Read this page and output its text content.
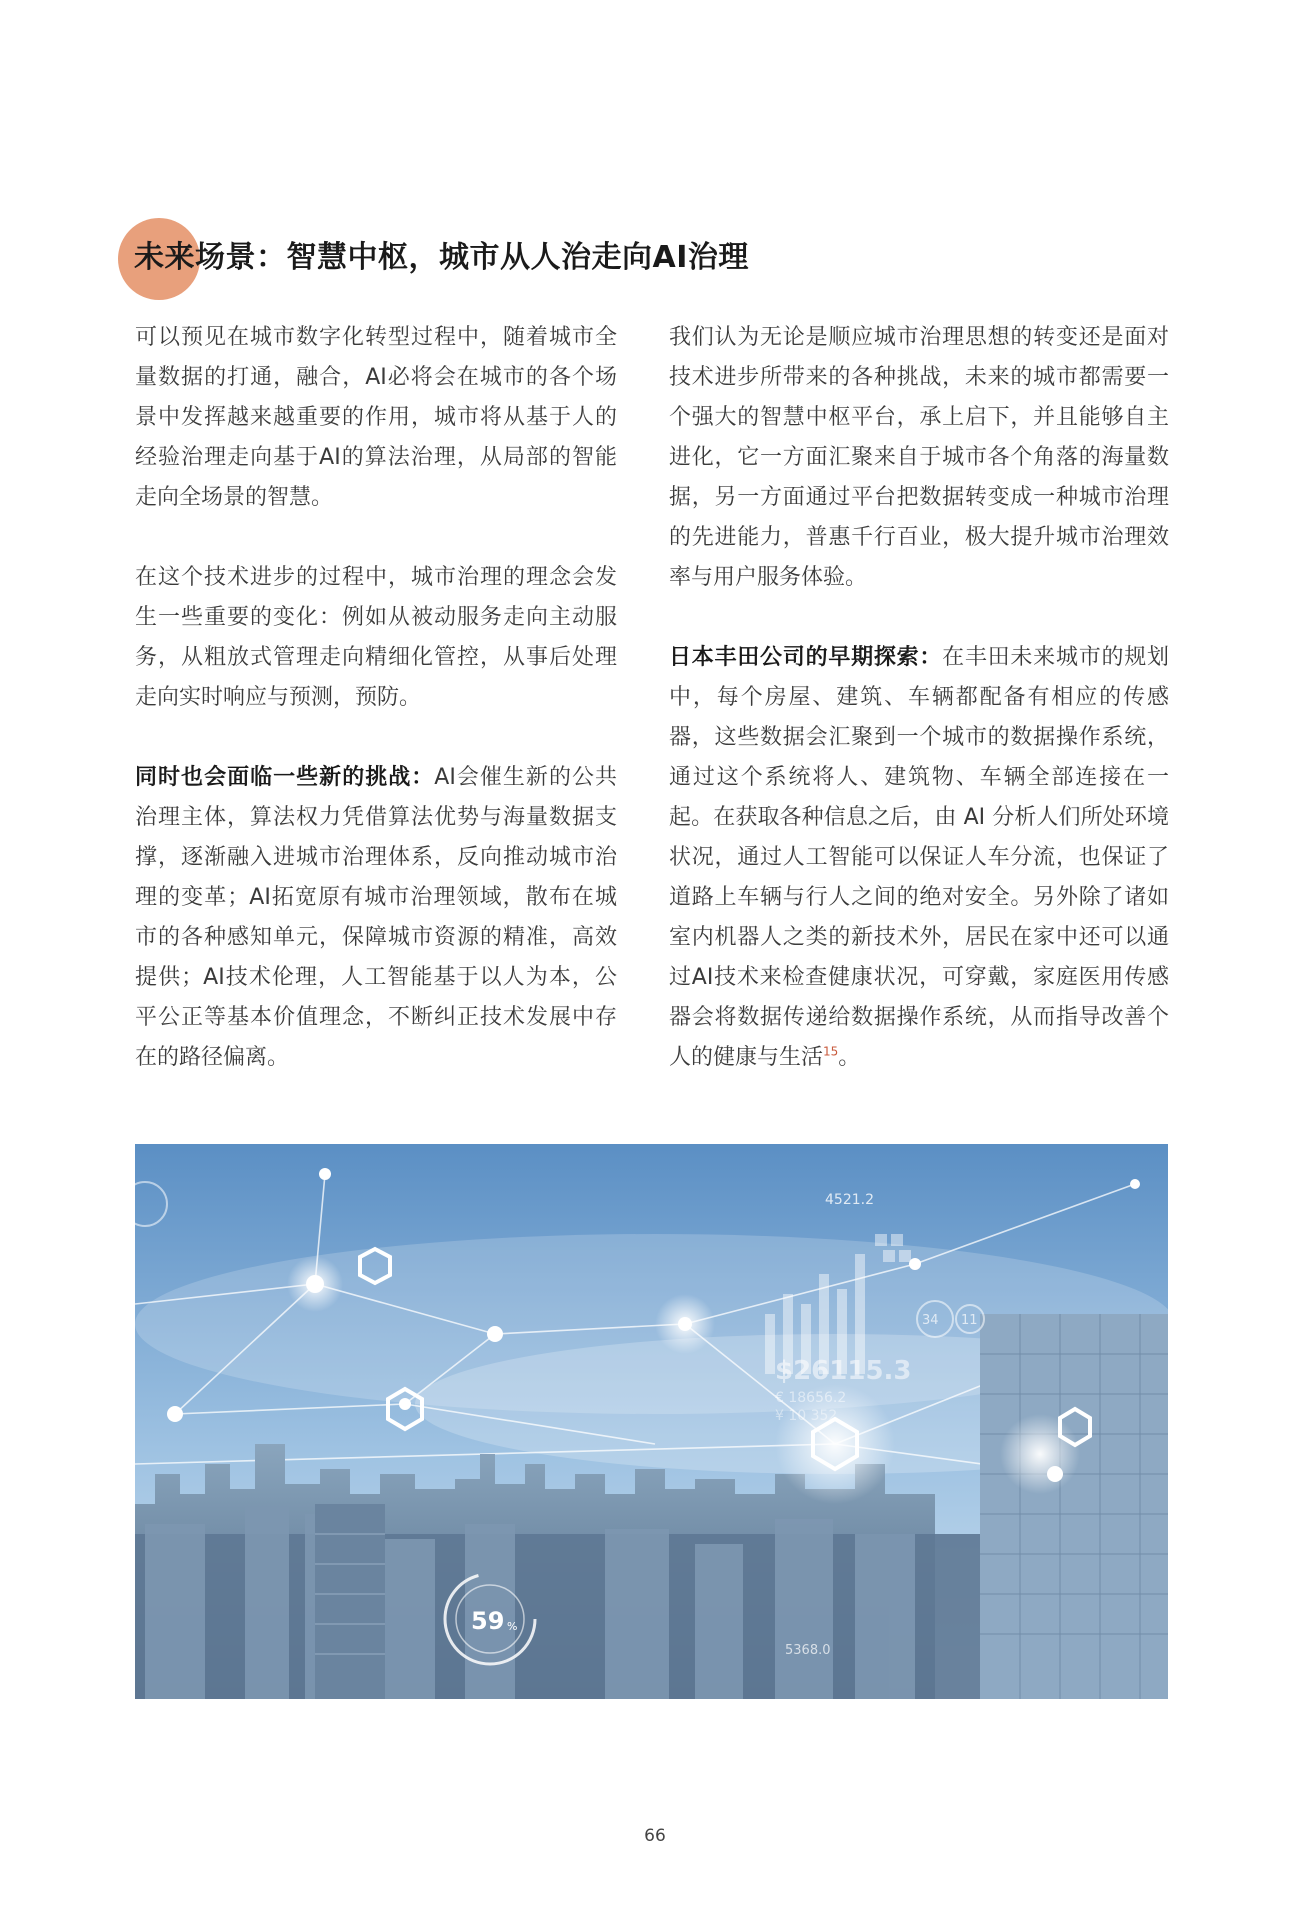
未来场景：智慧中枢，城市从人治走向AI治理

可以预见在城市数字化转型过程中，随着城市全量数据的打通，融合，AI必将会在城市的各个场景中发挥越来越重要的作用，城市将从基于人的经验治理走向基于AI的算法治理，从局部的智能走向全场景的智慧。

在这个技术进步的过程中，城市治理的理念会发生一些重要的变化：例如从被动服务走向主动服务，从粗放式管理走向精细化管控，从事后处理走向实时响应与预测，预防。

同时也会面临一些新的挑战：AI会催生新的公共治理主体，算法权力凭借算法优势与海量数据支撑，逐渐融入进城市治理体系，反向推动城市治理的变革；AI拓宽原有城市治理领域，散布在城市的各种感知单元，保障城市资源的精准，高效提供；AI技术伦理，人工智能基于以人为本，公平公正等基本价值理念，不断纠正技术发展中存在的路径偏离。

我们认为无论是顺应城市治理思想的转变还是面对技术进步所带来的各种挑战，未来的城市都需要一个强大的智慧中枢平台，承上启下，并且能够自主进化，它一方面汇聚来自于城市各个角落的海量数据，另一方面通过平台把数据转变成一种城市治理的先进能力，普惠千行百业，极大提升城市治理效率与用户服务体验。

日本丰田公司的早期探索：在丰田未来城市的规划中，每个房屋、建筑、车辆都配备有相应的传感器，这些数据会汇聚到一个城市的数据操作系统，通过这个系统将人、建筑物、车辆全部连接在一起。在获取各种信息之后，由 AI 分析人们所处环境状况，通过人工智能可以保证人车分流，也保证了道路上车辆与行人之间的绝对安全。另外除了诸如室内机器人之类的新技术外，居民在家中还可以通过AI技术来检查健康状况，可穿戴，家庭医用传感器会将数据传递给数据操作系统，从而指导改善个人的健康与生活$^{15}$。

4521.2
$26115.3
€ 18656.2
¥ 10 352
34 11
59 %
5368.0
66
